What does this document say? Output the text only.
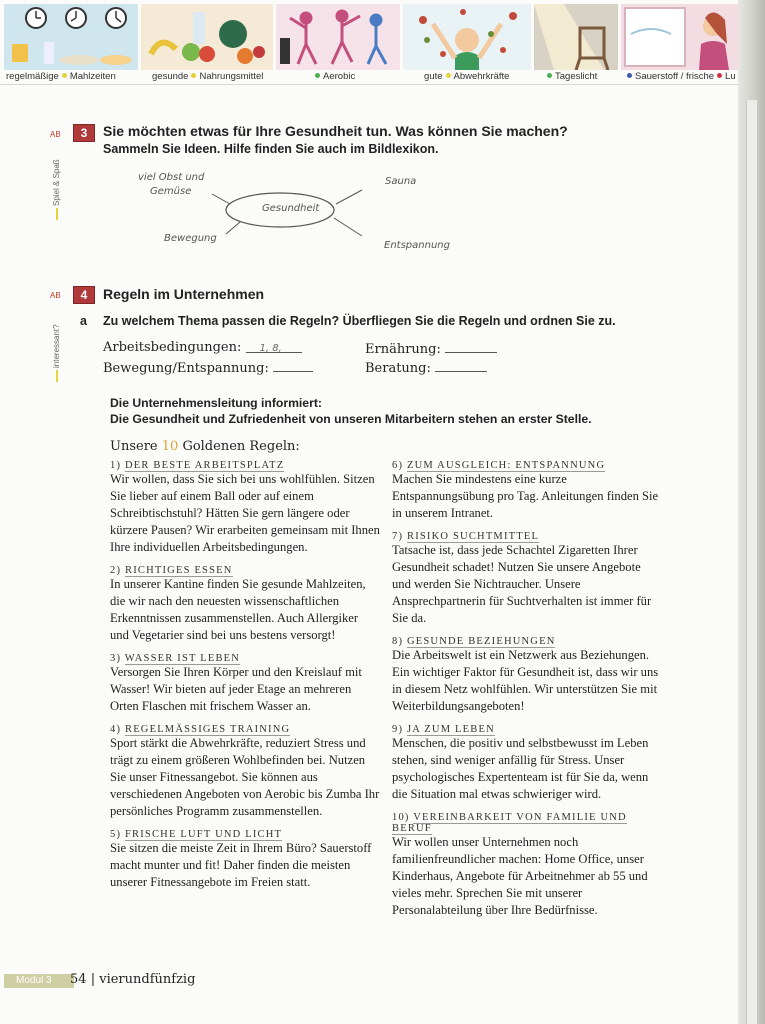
regelmäßige Mahlzeiten	gesunde Nahrungsmittel	Aerobic	gute Abwehrkräfte	Tageslicht	Sauerstoff / frische Lu
AB	3	Sie möchten etwas für Ihre Gesundheit tun. Was können Sie machen?
Sammeln Sie Ideen. Hilfe finden Sie auch im Bildlexikon.
Spiel & Spaß
Gesundheit
viel Obst und
Gemüse
Sauna
Bewegung
Entspannung
AB	4	Regeln im Unternehmen
interessant?
a Zu welchem Thema passen die Regeln? Überfliegen Sie die Regeln und ordnen Sie zu.
Arbeitsbedingungen: 1, 8,
Bewegung/Entspannung:
Ernährung:
Beratung:
Die Unternehmensleitung informiert:
Die Gesundheit und Zufriedenheit von unseren Mitarbeitern stehen an erster Stelle.
Unsere 10 Goldenen Regeln:
1) DER BESTE ARBEITSPLATZ
Wir wollen, dass Sie sich bei uns wohlfühlen. Sitzen Sie lieber auf einem Ball oder auf einem Schreibtischstuhl? Hätten Sie gern längere oder kürzere Pausen? Wir erarbeiten gemeinsam mit Ihnen Ihre individuellen Arbeitsbedingungen.
2) RICHTIGES ESSEN
In unserer Kantine finden Sie gesunde Mahlzeiten, die wir nach den neuesten wissenschaftlichen Erkenntnissen zusammenstellen. Auch Allergiker und Vegetarier sind bei uns bestens versorgt!
3) WASSER IST LEBEN
Versorgen Sie Ihren Körper und den Kreislauf mit Wasser! Wir bieten auf jeder Etage an mehreren Orten Flaschen mit frischem Wasser an.
4) REGELMÄSSIGES TRAINING
Sport stärkt die Abwehrkräfte, reduziert Stress und trägt zu einem größeren Wohlbefinden bei. Nutzen Sie unser Fitnessangebot. Sie können aus verschiedenen Angeboten von Aerobic bis Zumba Ihr persönliches Programm zusammenstellen.
5) FRISCHE LUFT UND LICHT
Sie sitzen die meiste Zeit in Ihrem Büro? Sauerstoff macht munter und fit! Daher finden die meisten unserer Fitnessangebote im Freien statt.
6) ZUM AUSGLEICH: ENTSPANNUNG
Machen Sie mindestens eine kurze Entspannungsübung pro Tag. Anleitungen finden Sie in unserem Intranet.
7) RISIKO SUCHTMITTEL
Tatsache ist, dass jede Schachtel Zigaretten Ihrer Gesundheit schadet! Nutzen Sie unsere Angebote und werden Sie Nichtraucher. Unsere Ansprechpartnerin für Suchtverhalten ist immer für Sie da.
8) GESUNDE BEZIEHUNGEN
Die Arbeitswelt ist ein Netzwerk aus Beziehungen. Ein wichtiger Faktor für Gesundheit ist, dass wir uns in diesem Netz wohlfühlen. Wir unterstützen Sie mit Weiterbildungsangeboten!
9) JA ZUM LEBEN
Menschen, die positiv und selbstbewusst im Leben stehen, sind weniger anfällig für Stress. Unser psychologisches Expertenteam ist für Sie da, wenn die Situation mal etwas schwieriger wird.
10) VEREINBARKEIT VON FAMILIE UND BERUF
Wir wollen unser Unternehmen noch familienfreundlicher machen: Home Office, unser Kinderhaus, Angebote für Arbeitnehmer ab 55 und vieles mehr. Sprechen Sie mit unserer Personalabteilung über Ihre Bedürfnisse.
Modul 3	54 | vierundfünfzig
